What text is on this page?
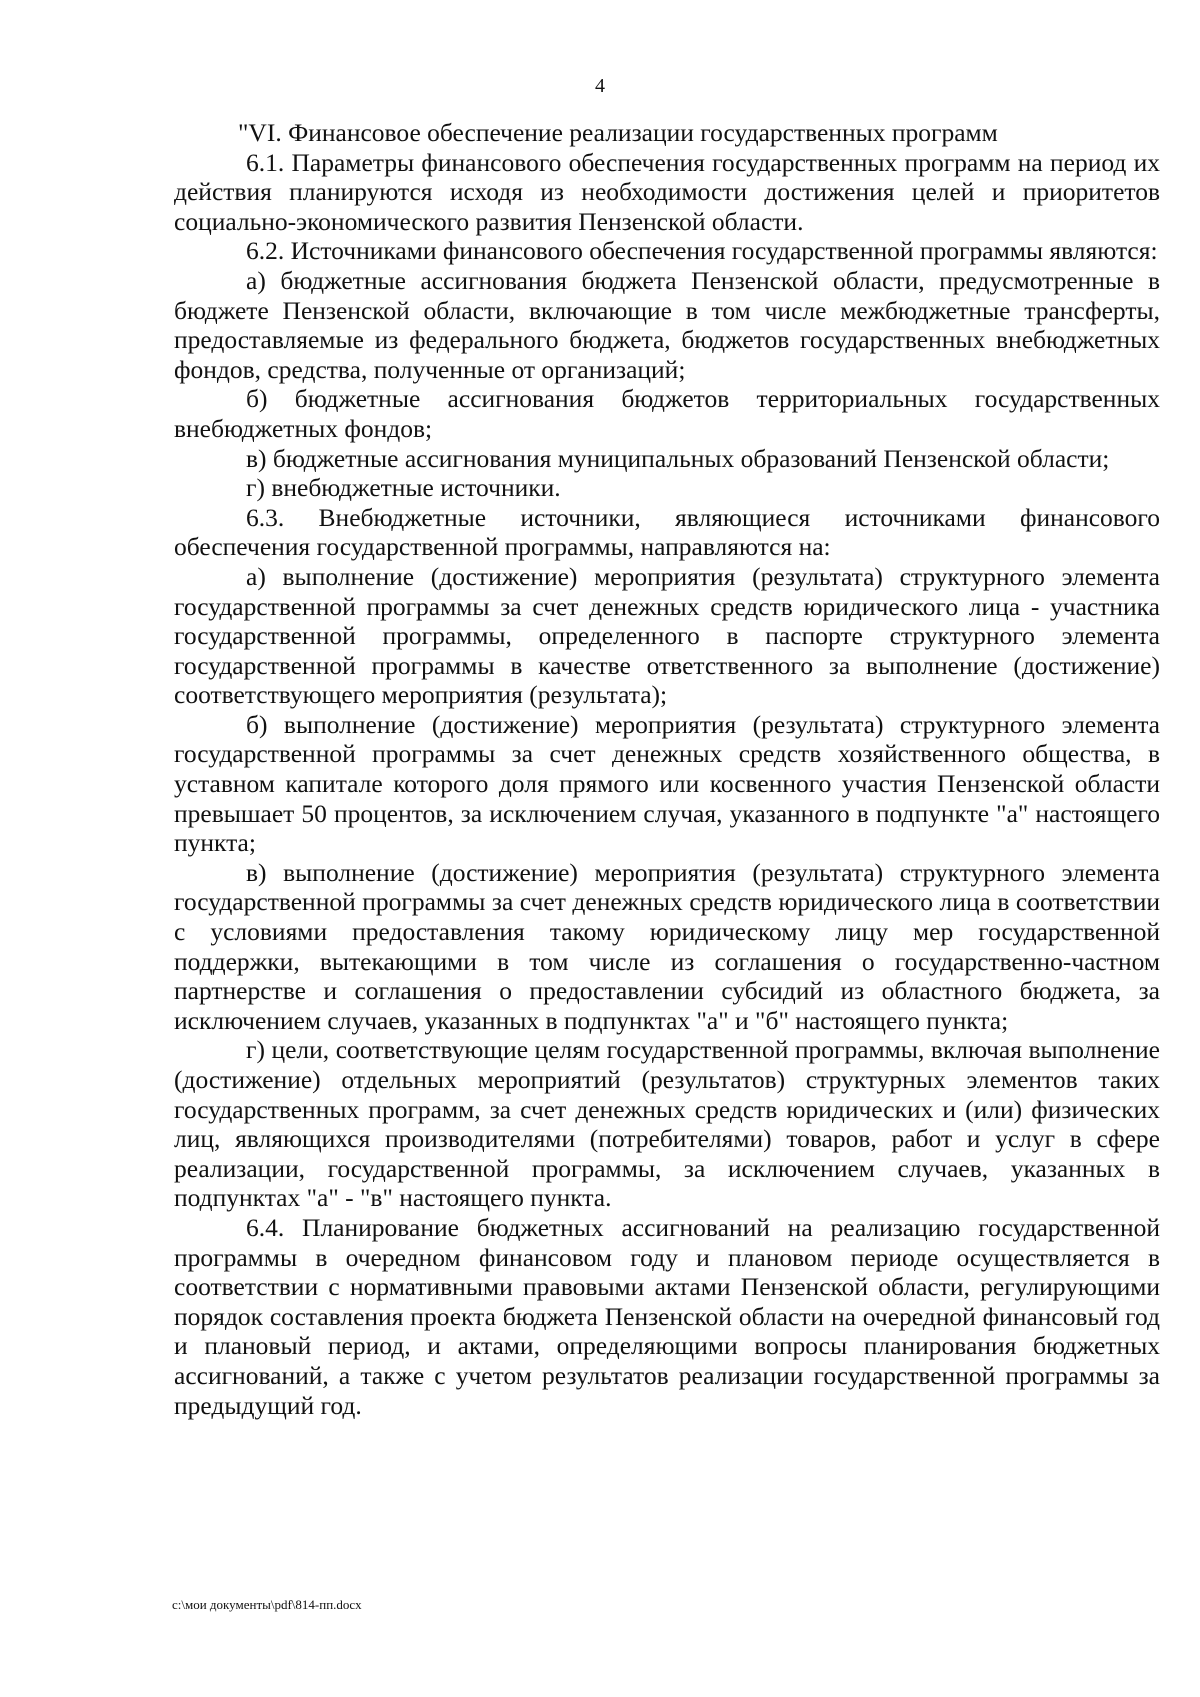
4

"VI. Финансовое обеспечение реализации государственных программ

6.1. Параметры финансового обеспечения государственных программ на период их действия планируются исходя из необходимости достижения целей и приоритетов социально-экономического развития Пензенской области.

6.2. Источниками финансового обеспечения государственной программы являются:

а) бюджетные ассигнования бюджета Пензенской области, предусмотренные в бюджете Пензенской области, включающие в том числе межбюджетные трансферты, предоставляемые из федерального бюджета, бюджетов государственных внебюджетных фондов, средства, полученные от организаций;

б) бюджетные ассигнования бюджетов территориальных государственных внебюджетных фондов;

в) бюджетные ассигнования муниципальных образований Пензенской области;

г) внебюджетные источники.

6.3. Внебюджетные источники, являющиеся источниками финансового обеспечения государственной программы, направляются на:

а) выполнение (достижение) мероприятия (результата) структурного элемента государственной программы за счет денежных средств юридического лица - участника государственной программы, определенного в паспорте структурного элемента государственной программы в качестве ответственного за выполнение (достижение) соответствующего мероприятия (результата);

б) выполнение (достижение) мероприятия (результата) структурного элемента государственной программы за счет денежных средств хозяйственного общества, в уставном капитале которого доля прямого или косвенного участия Пензенской области превышает 50 процентов, за исключением случая, указанного в подпункте "а" настоящего пункта;

в) выполнение (достижение) мероприятия (результата) структурного элемента государственной программы за счет денежных средств юридического лица в соответствии с условиями предоставления такому юридическому лицу мер государственной поддержки, вытекающими в том числе из соглашения о государственно-частном партнерстве и соглашения о предоставлении субсидий из областного бюджета, за исключением случаев, указанных в подпунктах "а" и "б" настоящего пункта;

г) цели, соответствующие целям государственной программы, включая выполнение (достижение) отдельных мероприятий (результатов) структурных элементов таких государственных программ, за счет денежных средств юридических и (или) физических лиц, являющихся производителями (потребителями) товаров, работ и услуг в сфере реализации, государственной программы, за исключением случаев, указанных в подпунктах "а" - "в" настоящего пункта.

6.4. Планирование бюджетных ассигнований на реализацию государственной программы в очередном финансовом году и плановом периоде осуществляется в соответствии с нормативными правовыми актами Пензенской области, регулирующими порядок составления проекта бюджета Пензенской области на очередной финансовый год и плановый период, и актами, определяющими вопросы планирования бюджетных ассигнований, а также с учетом результатов реализации государственной программы за предыдущий год.

c:\мои документы\pdf\814-пп.docx
